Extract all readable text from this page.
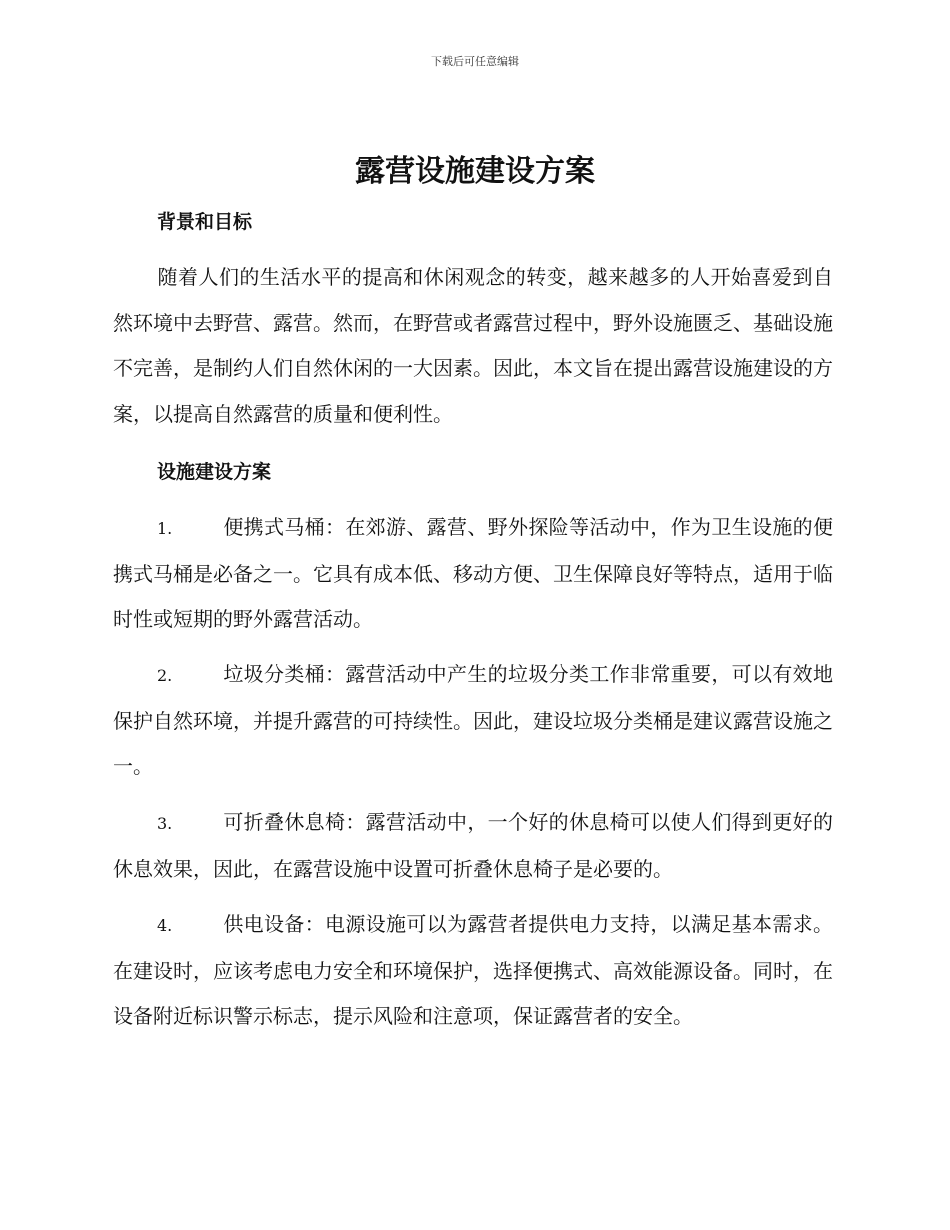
下载后可任意编辑
露营设施建设方案
背景和目标

随着人们的生活水平的提高和休闲观念的转变，越来越多的人开始喜爱到自然环境中去野营、露营。然而，在野营或者露营过程中，野外设施匮乏、基础设施不完善，是制约人们自然休闲的一大因素。因此，本文旨在提出露营设施建设的方案，以提高自然露营的质量和便利性。

设施建设方案

1.	便携式马桶：在郊游、露营、野外探险等活动中，作为卫生设施的便携式马桶是必备之一。它具有成本低、移动方便、卫生保障良好等特点，适用于临时性或短期的野外露营活动。

2.	垃圾分类桶：露营活动中产生的垃圾分类工作非常重要，可以有效地保护自然环境，并提升露营的可持续性。因此，建设垃圾分类桶是建议露营设施之一。

3.	可折叠休息椅：露营活动中，一个好的休息椅可以使人们得到更好的休息效果，因此，在露营设施中设置可折叠休息椅子是必要的。

4.	供电设备：电源设施可以为露营者提供电力支持，以满足基本需求。在建设时，应该考虑电力安全和环境保护，选择便携式、高效能源设备。同时，在设备附近标识警示标志，提示风险和注意项，保证露营者的安全。
